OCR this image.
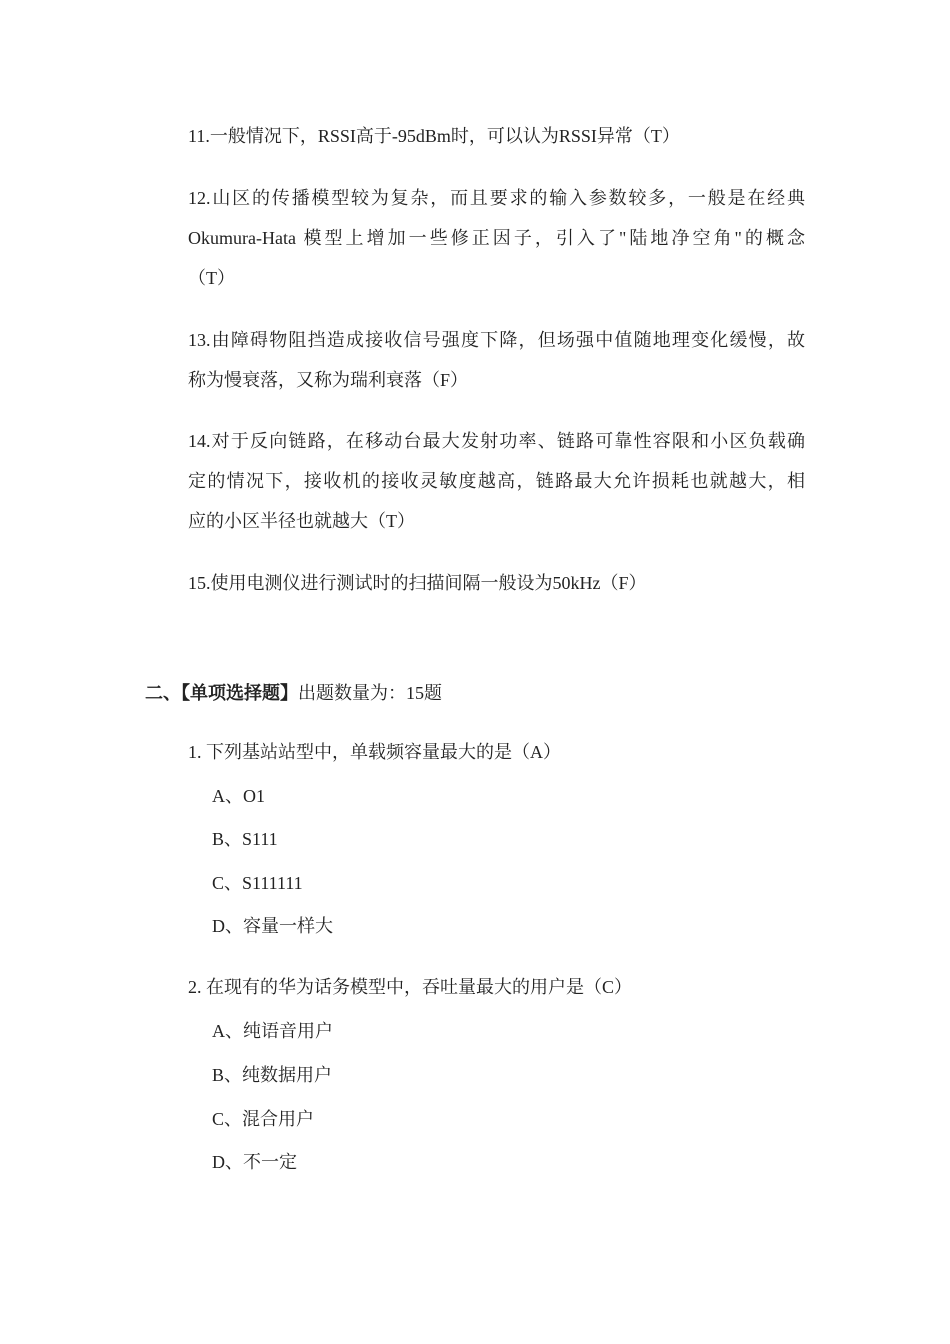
11.一般情况下，RSSI高于-95dBm时，可以认为RSSI异常（T）

12.山区的传播模型较为复杂，而且要求的输入参数较多，一般是在经典
Okumura-Hata 模型上增加一些修正因子，引入了"陆地净空角"的概念
（T）

13.由障碍物阻挡造成接收信号强度下降，但场强中值随地理变化缓慢，故
称为慢衰落，又称为瑞利衰落（F）

14.对于反向链路，在移动台最大发射功率、链路可靠性容限和小区负载确
定的情况下，接收机的接收灵敏度越高，链路最大允许损耗也就越大，相
应的小区半径也就越大（T）

15.使用电测仪进行测试时的扫描间隔一般设为50kHz（F）

二、【单项选择题】出题数量为：15题

1. 下列基站站型中，单载频容量最大的是（A）

A、O1

B、S111

C、S111111

D、容量一样大

2. 在现有的华为话务模型中，吞吐量最大的用户是（C）

A、纯语音用户

B、纯数据用户

C、混合用户

D、不一定
